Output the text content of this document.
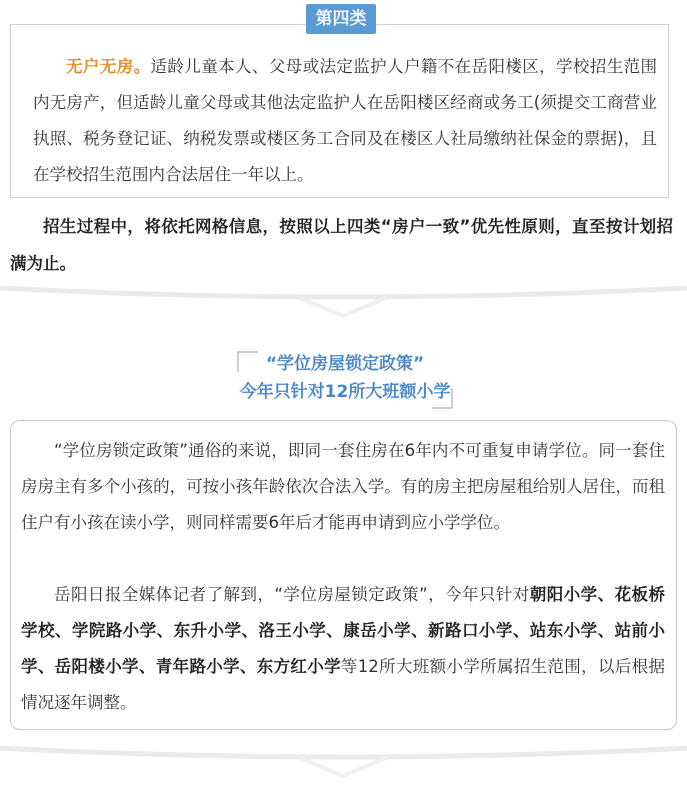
第四类

无户无房。适龄儿童本人、父母或法定监护人户籍不在岳阳楼区，学校招生范围内无房产，但适龄儿童父母或其他法定监护人在岳阳楼区经商或务工(须提交工商营业执照、税务登记证、纳税发票或楼区务工合同及在楼区人社局缴纳社保金的票据)，且在学校招生范围内合法居住一年以上。

招生过程中，将依托网格信息，按照以上四类“房户一致”优先性原则，直至按计划招满为止。

“学位房屋锁定政策”
今年只针对12所大班额小学

“学位房锁定政策”通俗的来说，即同一套住房在6年内不可重复申请学位。同一套住房房主有多个小孩的，可按小孩年龄依次合法入学。有的房主把房屋租给别人居住，而租住户有小孩在读小学，则同样需要6年后才能再申请到应小学学位。

岳阳日报全媒体记者了解到，“学位房屋锁定政策”，今年只针对朝阳小学、花板桥学校、学院路小学、东升小学、洛王小学、康岳小学、新路口小学、站东小学、站前小学、岳阳楼小学、青年路小学、东方红小学等12所大班额小学所属招生范围，以后根据情况逐年调整。
